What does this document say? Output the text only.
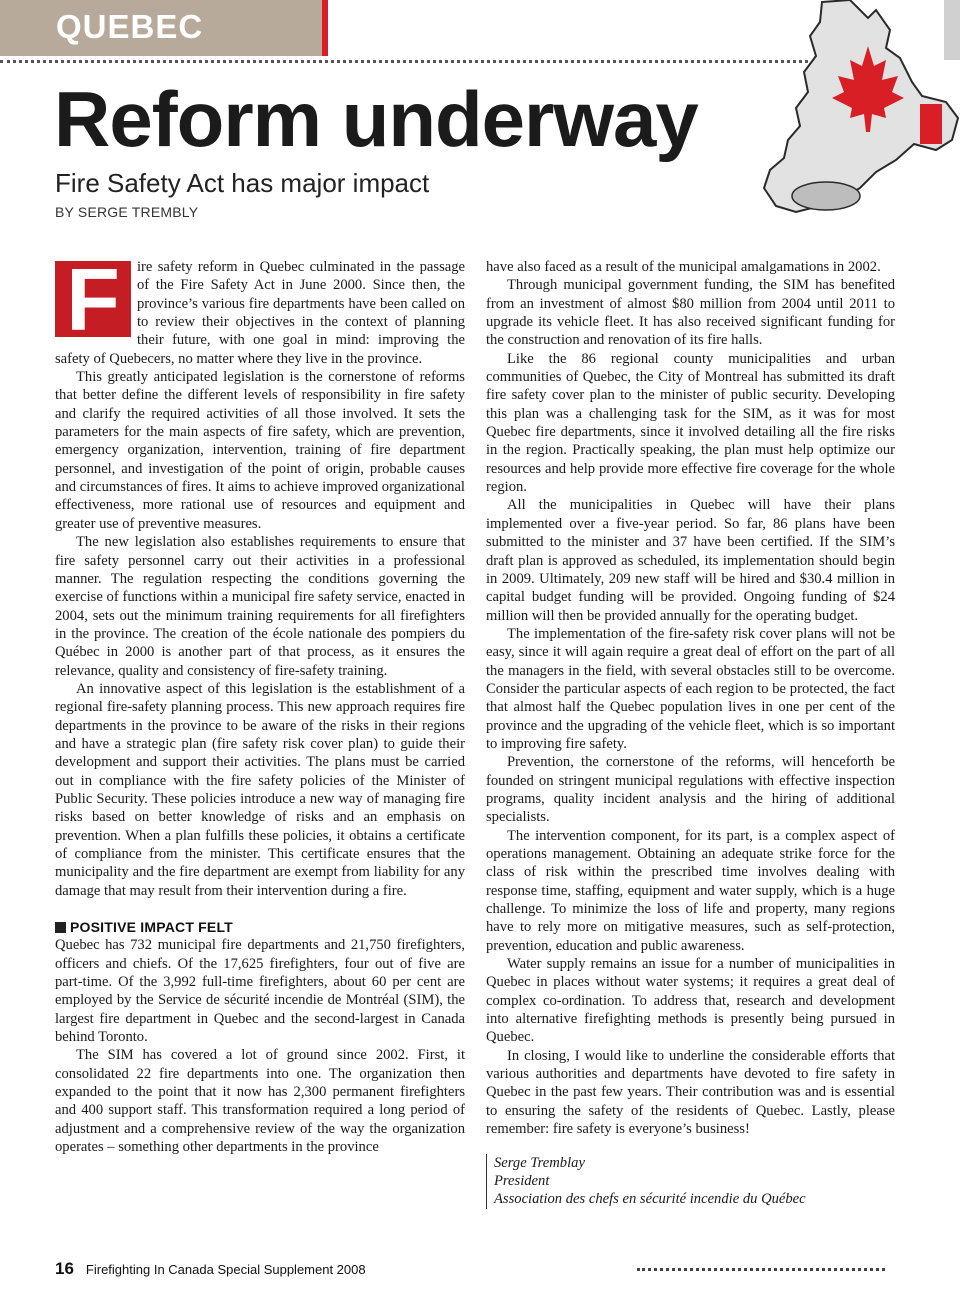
QUEBEC
Reform underway
Fire Safety Act has major impact
BY SERGE TREMBLY

F	ire safety reform in Quebec culminated in the passage of the Fire Safety Act in June 2000. Since then, the province’s various fire departments have been called on to review their objectives in the context of planning their future, with one goal in mind: improving the safety of Quebecers, no matter where they live in the province.

This greatly anticipated legislation is the cornerstone of reforms that better define the different levels of responsibility in fire safety and clarify the required activities of all those involved. It sets the parameters for the main aspects of fire safety, which are prevention, emergency organization, intervention, training of fire department personnel, and investigation of the point of origin, probable causes and circumstances of fires. It aims to achieve improved organizational effectiveness, more rational use of resources and equipment and greater use of preventive measures.

The new legislation also establishes requirements to ensure that fire safety personnel carry out their activities in a professional manner. The regulation respecting the conditions governing the exercise of functions within a municipal fire safety service, enacted in 2004, sets out the minimum training requirements for all firefighters in the province. The creation of the école nationale des pompiers du Québec in 2000 is another part of that process, as it ensures the relevance, quality and consistency of fire-safety training.

An innovative aspect of this legislation is the establishment of a regional fire-safety planning process. This new approach requires fire departments in the province to be aware of the risks in their regions and have a strategic plan (fire safety risk cover plan) to guide their development and support their activities. The plans must be carried out in compliance with the fire safety policies of the Minister of Public Security. These policies introduce a new way of managing fire risks based on better knowledge of risks and an emphasis on prevention. When a plan fulfills these policies, it obtains a certificate of compliance from the minister. This certificate ensures that the municipality and the fire department are exempt from liability for any damage that may result from their intervention during a fire.

POSITIVE IMPACT FELT

Quebec has 732 municipal fire departments and 21,750 firefighters, officers and chiefs. Of the 17,625 firefighters, four out of five are part-time. Of the 3,992 full-time firefighters, about 60 per cent are employed by the Service de sécurité incendie de Montréal (SIM), the largest fire department in Quebec and the second-largest in Canada behind Toronto.

The SIM has covered a lot of ground since 2002. First, it consolidated 22 fire departments into one. The organization then expanded to the point that it now has 2,300 permanent firefighters and 400 support staff. This transformation required a long period of adjustment and a comprehensive review of the way the organization operates – something other departments in the province

have also faced as a result of the municipal amalgamations in 2002.

Through municipal government funding, the SIM has benefited from an investment of almost $80 million from 2004 until 2011 to upgrade its vehicle fleet. It has also received significant funding for the construction and renovation of its fire halls.

Like the 86 regional county municipalities and urban communities of Quebec, the City of Montreal has submitted its draft fire safety cover plan to the minister of public security. Developing this plan was a challenging task for the SIM, as it was for most Quebec fire departments, since it involved detailing all the fire risks in the region. Practically speaking, the plan must help optimize our resources and help provide more effective fire coverage for the whole region.

All the municipalities in Quebec will have their plans implemented over a five-year period. So far, 86 plans have been submitted to the minister and 37 have been certified. If the SIM’s draft plan is approved as scheduled, its implementation should begin in 2009. Ultimately, 209 new staff will be hired and $30.4 million in capital budget funding will be provided. Ongoing funding of $24 million will then be provided annually for the operating budget.

The implementation of the fire-safety risk cover plans will not be easy, since it will again require a great deal of effort on the part of all the managers in the field, with several obstacles still to be overcome. Consider the particular aspects of each region to be protected, the fact that almost half the Quebec population lives in one per cent of the province and the upgrading of the vehicle fleet, which is so important to improving fire safety.

Prevention, the cornerstone of the reforms, will henceforth be founded on stringent municipal regulations with effective inspection programs, quality incident analysis and the hiring of additional specialists.

The intervention component, for its part, is a complex aspect of operations management. Obtaining an adequate strike force for the class of risk within the prescribed time involves dealing with response time, staffing, equipment and water supply, which is a huge challenge. To minimize the loss of life and property, many regions have to rely more on mitigative measures, such as self-protection, prevention, education and public awareness.

Water supply remains an issue for a number of municipalities in Quebec in places without water systems; it requires a great deal of complex co-ordination. To address that, research and development into alternative firefighting methods is presently being pursued in Quebec.

In closing, I would like to underline the considerable efforts that various authorities and departments have devoted to fire safety in Quebec in the past few years. Their contribution was and is essential to ensuring the safety of the residents of Quebec. Lastly, please remember: fire safety is everyone’s business!

Serge Tremblay
President
Association des chefs en sécurité incendie du Québec
16 Firefighting In Canada Special Supplement 2008
